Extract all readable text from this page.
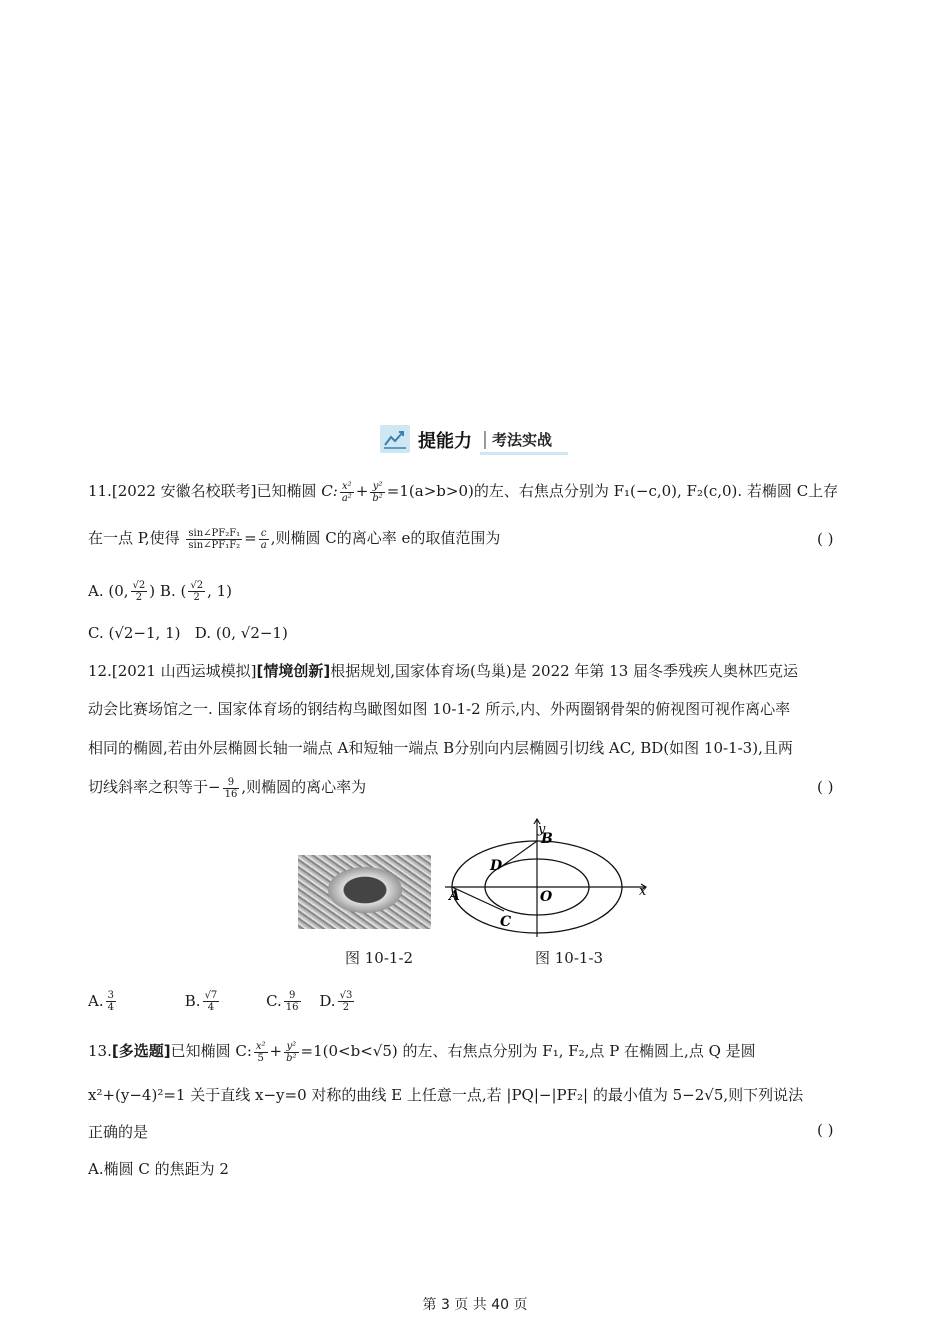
提能力 考法实战
11.[2022 安徽名校联考]已知椭圆 C: $\frac{\text{x²}}{\text{a²}} + \frac{\text{y²}}{\text{b²}} =1(a>b>0)$的左、右焦点分别为 F₁(−c,0), F₂(c,0). 若椭圆 C上存
在一点 P,使得 $\frac{\text{sin∠PF₂F₁}}{\text{sin∠PF₁F₂}} = \frac{c}{a}$ ,则椭圆 C的离心率 e的取值范围为	( )
A. (0, $\frac{√2}{2}$ ) B. ( $\frac{√2}{2}$ , 1)
C. (√2−1, 1) D. (0, √2−1)
12.[2021 山西运城模拟][情境创新]根据规划,国家体育场(鸟巢)是 2022 年第 13 届冬季残疾人奥林匹克运
动会比赛场馆之一. 国家体育场的钢结构鸟瞰图如图 10-1-2 所示,内、外两圈钢骨架的俯视图可视作离心率
相同的椭圆,若由外层椭圆长轴一端点 A和短轴一端点 B分别向内层椭圆引切线 AC, BD(如图 10-1-3),且两
切线斜率之积等于− $\frac{9}{16}$ ,则椭圆的离心率为	( )
y
B
D
A	O
C
x
图 10-1-2	图 10-1-3
A. $\frac{3}{4}$	B. $\frac{√7}{4}$	C. $\frac{9}{16} D$. $\frac{√3}{2}$
13.[多选题]已知椭圆 C: $\frac{\text{x²}}{5} + \frac{\text{y²}}{\text{b²}} =1(0<b<√5)$ 的左、右焦点分别为 F₁, F₂,点 P 在椭圆上,点 Q 是圆
x²+(y−4)²=1 关于直线 x−y=0 对称的曲线 E 上任意一点,若 |PQ|−|PF₂| 的最小值为 5−2√5,则下列说法
正确的是	( )
A.椭圆 C 的焦距为 2
第 3 页 共 40 页
